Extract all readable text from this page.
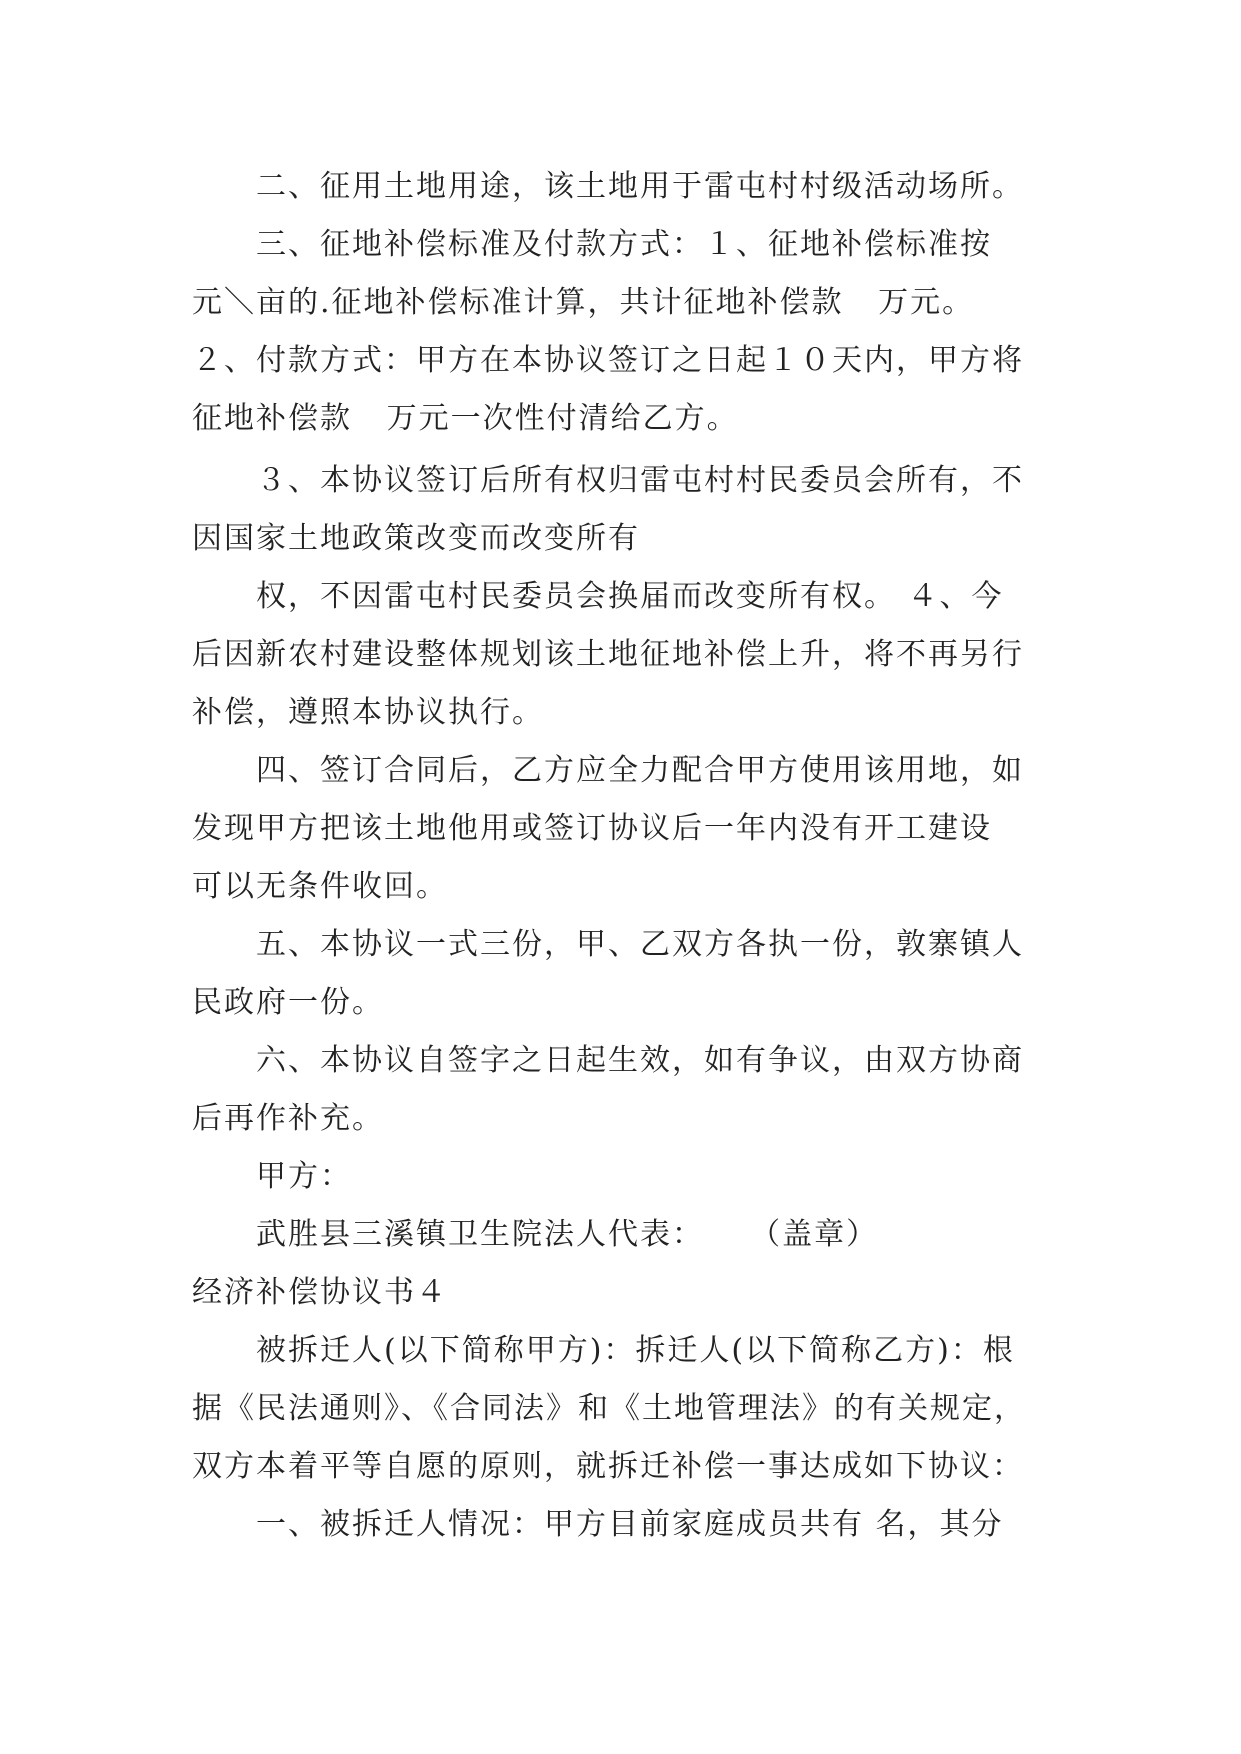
二、征用土地用途，该土地用于雷屯村村级活动场所。

三、征地补偿标准及付款方式：１、征地补偿标准按

元＼亩的.征地补偿标准计算，共计征地补偿款   万元。

２、付款方式：甲方在本协议签订之日起１０天内，甲方将

征地补偿款   万元一次性付清给乙方。

３、本协议签订后所有权归雷屯村村民委员会所有，不

因国家土地政策改变而改变所有

权，不因雷屯村民委员会换届而改变所有权。 ４、今

后因新农村建设整体规划该土地征地补偿上升，将不再另行

补偿，遵照本协议执行。

四、签订合同后，乙方应全力配合甲方使用该用地，如

发现甲方把该土地他用或签订协议后一年内没有开工建设

可以无条件收回。

五、本协议一式三份，甲、乙双方各执一份，敦寨镇人

民政府一份。

六、本协议自签字之日起生效，如有争议，由双方协商

后再作补充。

甲方：

武胜县三溪镇卫生院法人代表：    （盖章）

经济补偿协议书４

被拆迁人(以下简称甲方)：拆迁人(以下简称乙方)：根

据《民法通则》、《合同法》和《土地管理法》的有关规定，

双方本着平等自愿的原则，就拆迁补偿一事达成如下协议：

一、被拆迁人情况：甲方目前家庭成员共有 名，其分
